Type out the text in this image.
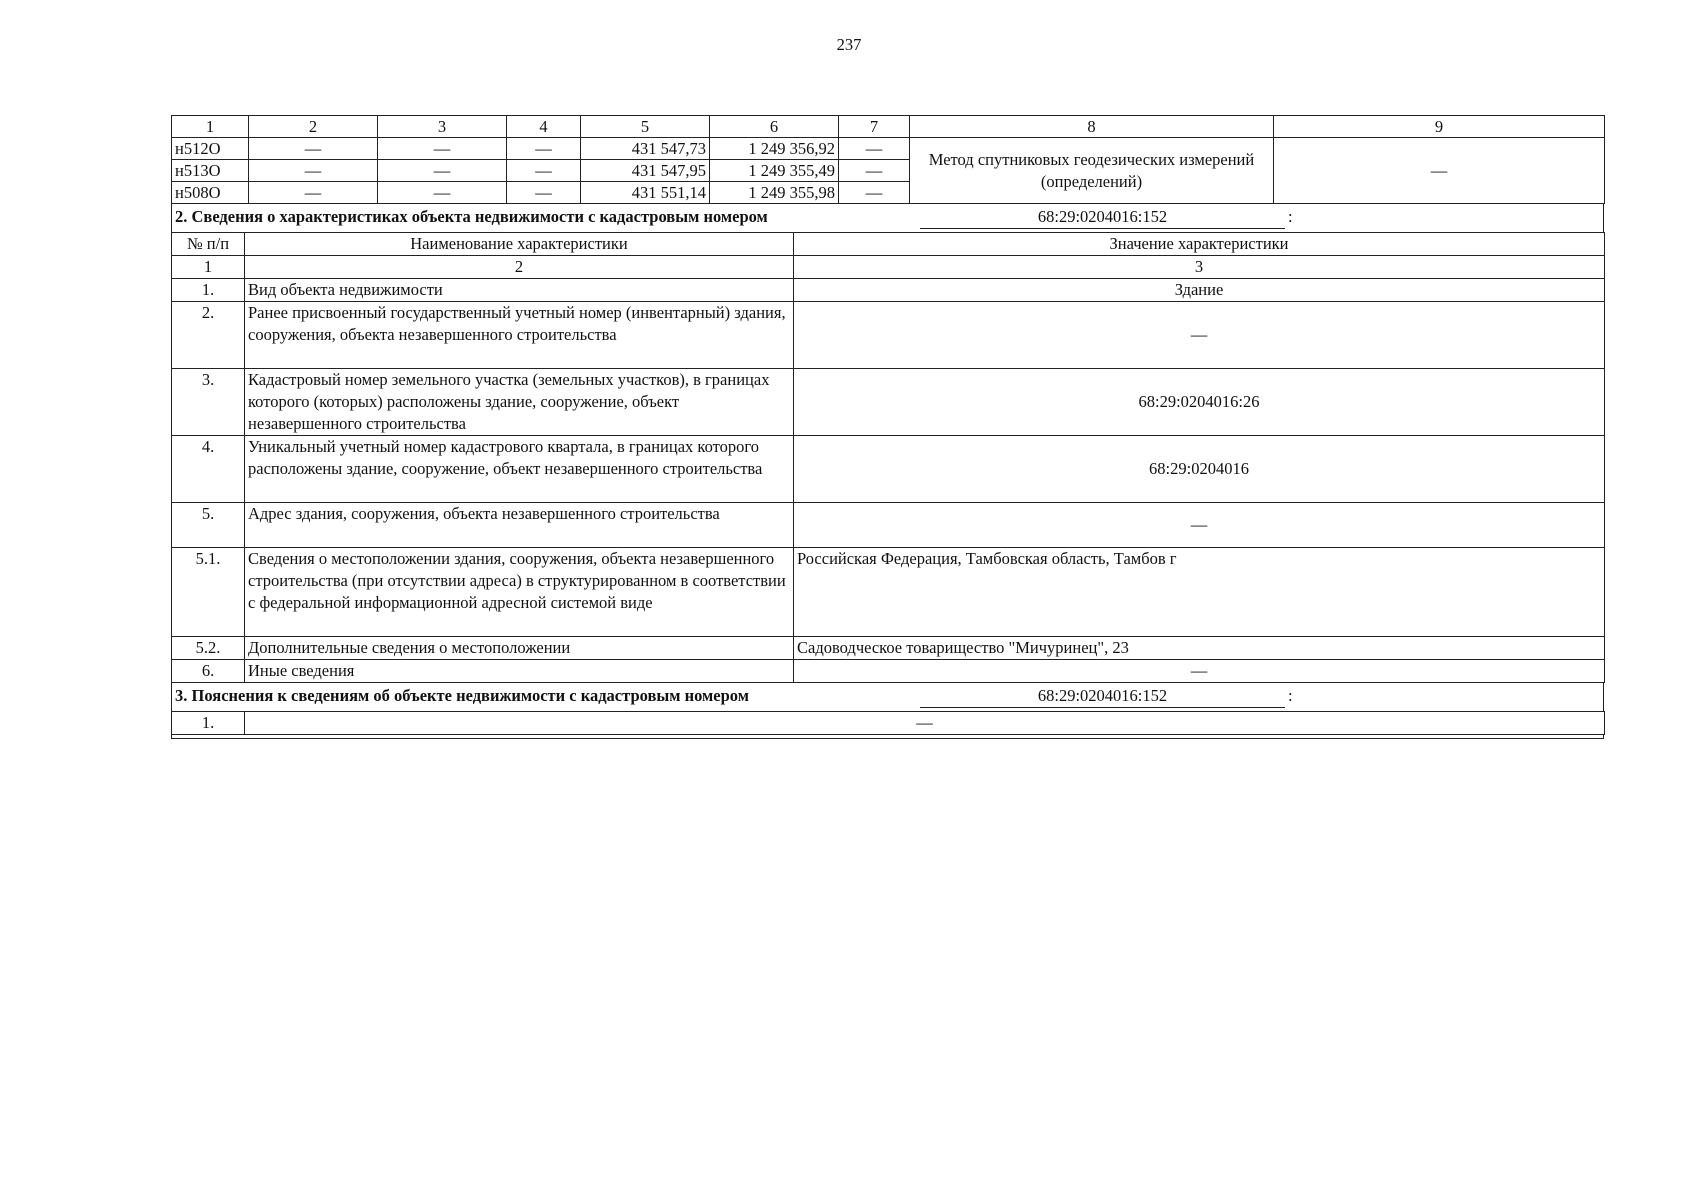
237
1	2	3	4	5	6	7	8	9
н512О	—	—	—	431 547,73	1 249 356,92	—	Метод спутниковых геодезических измерений (определений)	—
н513О	—	—	—	431 547,95	1 249 355,49	—		
н508О	—	—	—	431 551,14	1 249 355,98	—		
2. Сведения о характеристиках объекта недвижимости с кадастровым номером	68:29:0204016:152	:
№ п/п	Наименование характеристики	Значение характеристики
1	2	3
1.	Вид объекта недвижимости	Здание
2.	Ранее присвоенный государственный учетный номер (инвентарный) здания, сооружения, объекта незавершенного строительства	—
3.	Кадастровый номер земельного участка (земельных участков), в границах которого (которых) расположены здание, сооружение, объект незавершенного строительства	68:29:0204016:26
4.	Уникальный учетный номер кадастрового квартала, в границах которого расположены здание, сооружение, объект незавершенного строительства	68:29:0204016
5.	Адрес здания, сооружения, объекта незавершенного строительства	—
5.1.	Сведения о местоположении здания, сооружения, объекта незавершенного строительства (при отсутствии адреса) в структурированном в соответствии с федеральной информационной адресной системой виде	Российская Федерация, Тамбовская область, Тамбов г
5.2.	Дополнительные сведения о местоположении	Садоводческое товарищество "Мичуринец", 23
6.	Иные сведения	—
3. Пояснения к сведениям об объекте недвижимости с кадастровым номером	68:29:0204016:152	:
1.	—
